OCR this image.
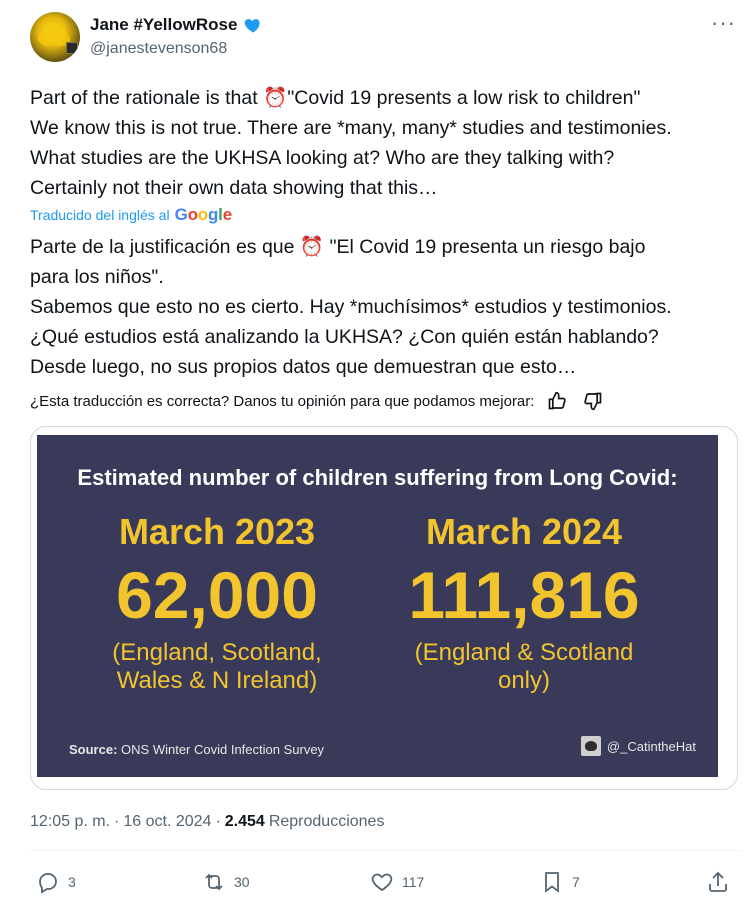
Jane #YellowRose
@janestevenson68
···
Part of the rationale is that ⏰"Covid 19 presents a low risk to children"
We know this is not true. There are *many, many* studies and testimonies.
What studies are the UKHSA looking at? Who are they talking with?
Certainly not their own data showing that this…
Traducido del inglés al Google
Parte de la justificación es que ⏰ "El Covid 19 presenta un riesgo bajo
para los niños".
Sabemos que esto no es cierto. Hay *muchísimos* estudios y testimonios.
¿Qué estudios está analizando la UKHSA? ¿Con quién están hablando?
Desde luego, no sus propios datos que demuestran que esto…
¿Esta traducción es correcta? Danos tu opinión para que podamos mejorar:
Estimated number of children suffering from Long Covid:
March 2023
62,000
(England, Scotland,
Wales & N Ireland)
March 2024
111,816
(England & Scotland
only)
Source: ONS Winter Covid Infection Survey	@_CatintheHat
12:05 p. m. · 16 oct. 2024 · 2.454 Reproducciones
3	30	117	7
